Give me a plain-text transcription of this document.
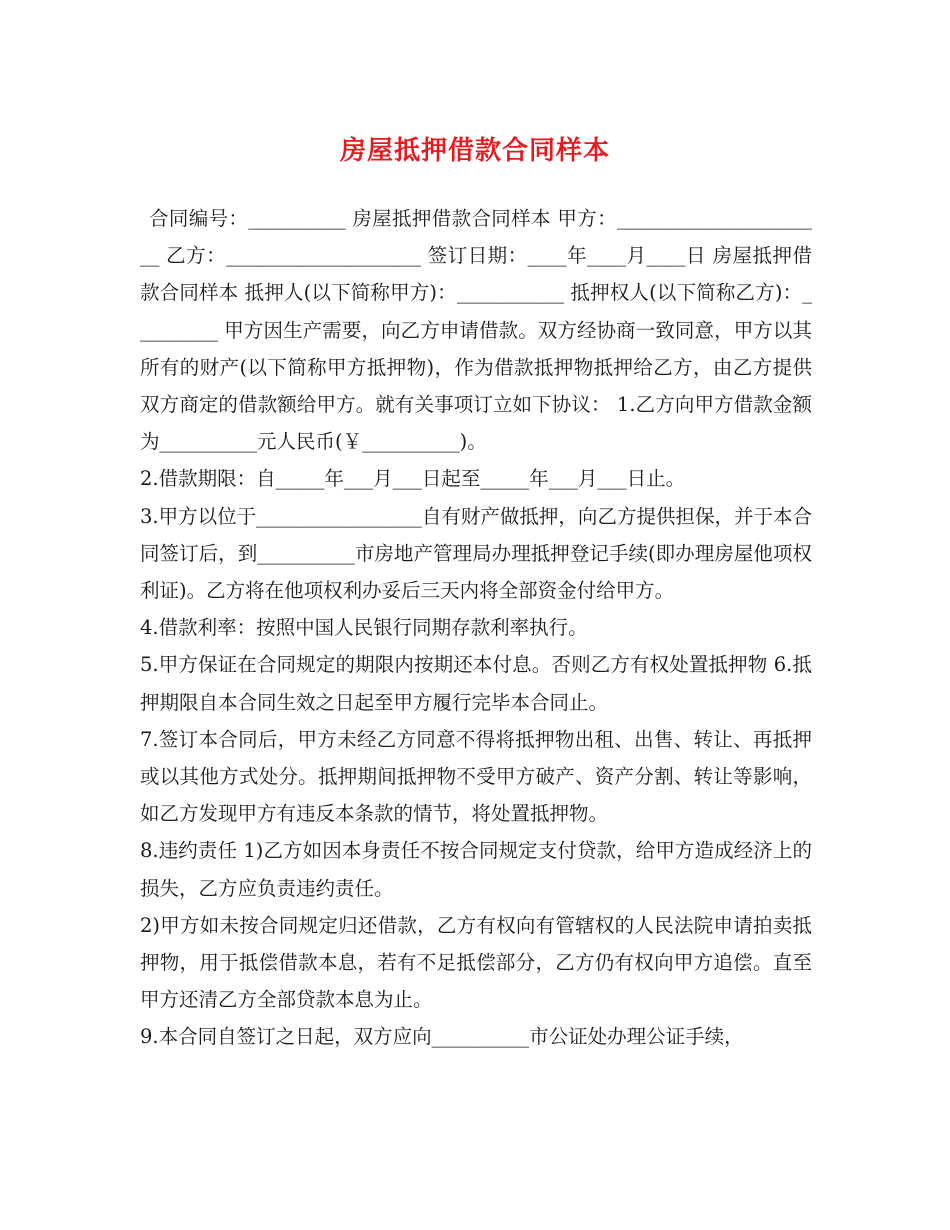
房屋抵押借款合同样本

合同编号：__________ 房屋抵押借款合同样本 甲方：______________________ 乙方：____________________ 签订日期：____年____月____日 房屋抵押借款合同样本 抵押人(以下简称甲方)：___________ 抵押权人(以下简称乙方)：_________ 甲方因生产需要，向乙方申请借款。双方经协商一致同意，甲方以其所有的财产(以下简称甲方抵押物)，作为借款抵押物抵押给乙方，由乙方提供双方商定的借款额给甲方。就有关事项订立如下协议： 1.乙方向甲方借款金额为__________元人民币(￥__________)。

2.借款期限：自_____年___月___日起至_____年___月___日止。

3.甲方以位于_________________自有财产做抵押，向乙方提供担保，并于本合同签订后，到__________市房地产管理局办理抵押登记手续(即办理房屋他项权利证)。乙方将在他项权利办妥后三天内将全部资金付给甲方。

4.借款利率：按照中国人民银行同期存款利率执行。

5.甲方保证在合同规定的期限内按期还本付息。否则乙方有权处置抵押物 6.抵押期限自本合同生效之日起至甲方履行完毕本合同止。

7.签订本合同后，甲方未经乙方同意不得将抵押物出租、出售、转让、再抵押或以其他方式处分。抵押期间抵押物不受甲方破产、资产分割、转让等影响，如乙方发现甲方有违反本条款的情节，将处置抵押物。

8.违约责任 1)乙方如因本身责任不按合同规定支付贷款，给甲方造成经济上的损失，乙方应负责违约责任。

2)甲方如未按合同规定归还借款，乙方有权向有管辖权的人民法院申请拍卖抵押物，用于抵偿借款本息，若有不足抵偿部分，乙方仍有权向甲方追偿。直至甲方还清乙方全部贷款本息为止。

9.本合同自签订之日起，双方应向__________市公证处办理公证手续，
